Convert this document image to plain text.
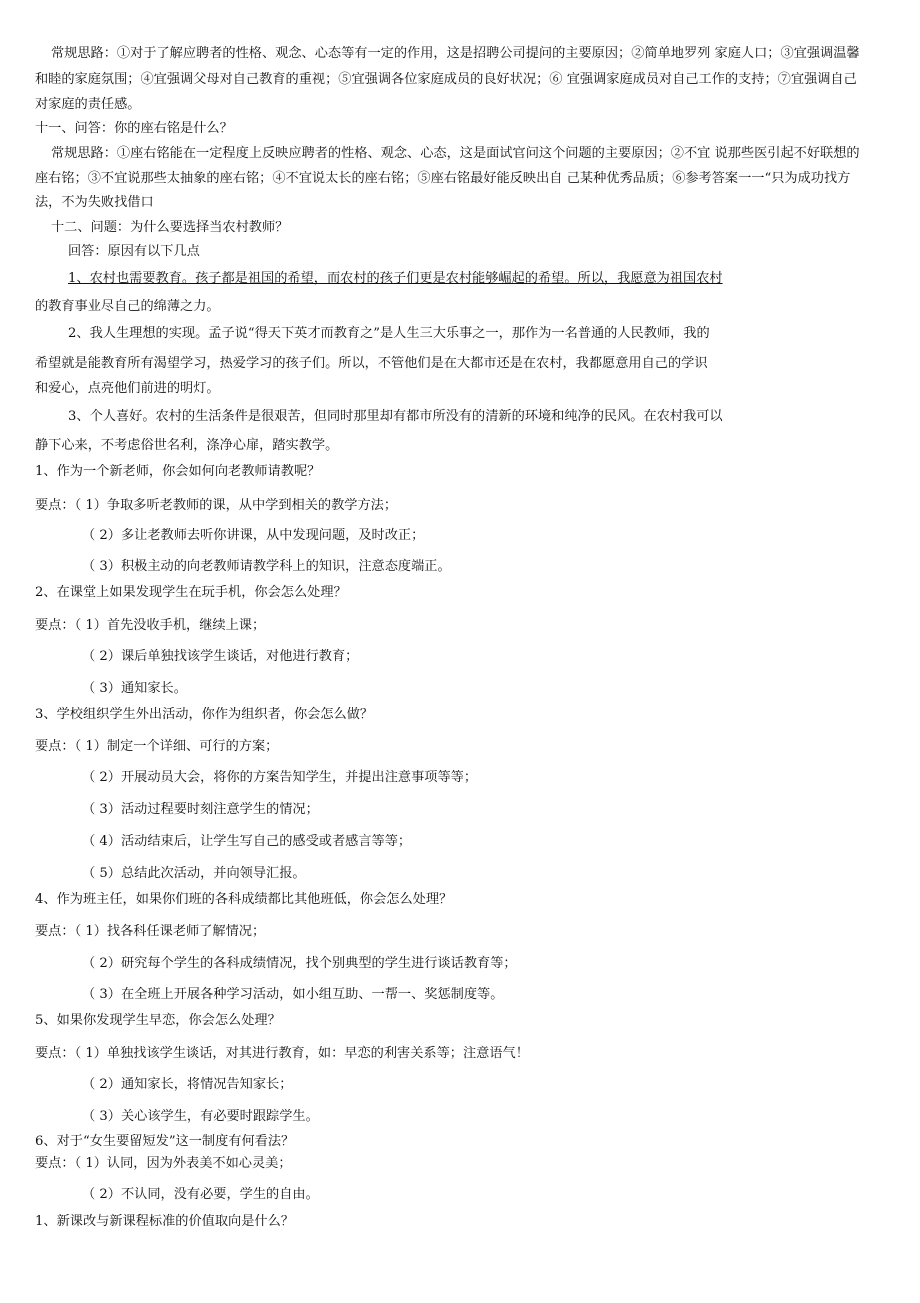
常规思路：①对于了解应聘者的性格、观念、心态等有一定的作用，这是招聘公司提问的主要原因；②简单地罗列 家庭人口；③宜强调温馨
和睦的家庭氛围；④宜强调父母对自己教育的重视；⑤宜强调各位家庭成员的良好状况；⑥ 宜强调家庭成员对自己工作的支持；⑦宜强调自己
对家庭的责任感。
十一、问答：你的座右铭是什么？
常规思路：①座右铭能在一定程度上反映应聘者的性格、观念、心态，这是面试官问这个问题的主要原因；②不宜 说那些医引起不好联想的
座右铭；③不宜说那些太抽象的座右铭；④不宜说太长的座右铭；⑤座右铭最好能反映出自 己某种优秀品质；⑥参考答案一一“只为成功找方
法，不为失败找借口
十二、问题：为什么要选择当农村教师？
回答：原因有以下几点
1、农村也需要教育。孩子都是祖国的希望，而农村的孩子们更是农村能够崛起的希望。所以，我愿意为祖国农村
的教育事业尽自己的绵薄之力。
2、我人生理想的实现。孟子说“得天下英才而教育之”是人生三大乐事之一，那作为一名普通的人民教师，我的
希望就是能教育所有渴望学习，热爱学习的孩子们。所以，不管他们是在大都市还是在农村，我都愿意用自己的学识
和爱心，点亮他们前进的明灯。
3、个人喜好。农村的生活条件是很艰苦，但同时那里却有都市所没有的清新的环境和纯净的民风。在农村我可以
静下心来，不考虑俗世名利，涤净心扉，踏实教学。
1、作为一个新老师，你会如何向老教师请教呢？
要点：（ 1）争取多听老教师的课，从中学到相关的教学方法；
（ 2）多让老教师去听你讲课，从中发现问题，及时改正；
（ 3）积极主动的向老教师请教学科上的知识，注意态度端正。
2、在课堂上如果发现学生在玩手机，你会怎么处理？
要点：（ 1）首先没收手机，继续上课；
（ 2）课后单独找该学生谈话，对他进行教育；
（ 3）通知家长。
3、学校组织学生外出活动，你作为组织者，你会怎么做？
要点：（ 1）制定一个详细、可行的方案；
（ 2）开展动员大会，将你的方案告知学生，并提出注意事项等等；
（ 3）活动过程要时刻注意学生的情况；
（ 4）活动结束后，让学生写自己的感受或者感言等等；
（ 5）总结此次活动，并向领导汇报。
4、作为班主任，如果你们班的各科成绩都比其他班低，你会怎么处理？
要点：（ 1）找各科任课老师了解情况；
（ 2）研究每个学生的各科成绩情况，找个别典型的学生进行谈话教育等；
（ 3）在全班上开展各种学习活动，如小组互助、一帮一、奖惩制度等。
5、如果你发现学生早恋，你会怎么处理？
要点：（ 1）单独找该学生谈话，对其进行教育，如：早恋的利害关系等；注意语气！
（ 2）通知家长，将情况告知家长；
（ 3）关心该学生，有必要时跟踪学生。
6、对于“女生要留短发”这一制度有何看法？
要点：（ 1）认同，因为外表美不如心灵美；
（ 2）不认同，没有必要，学生的自由。
1、新课改与新课程标准的价值取向是什么？
